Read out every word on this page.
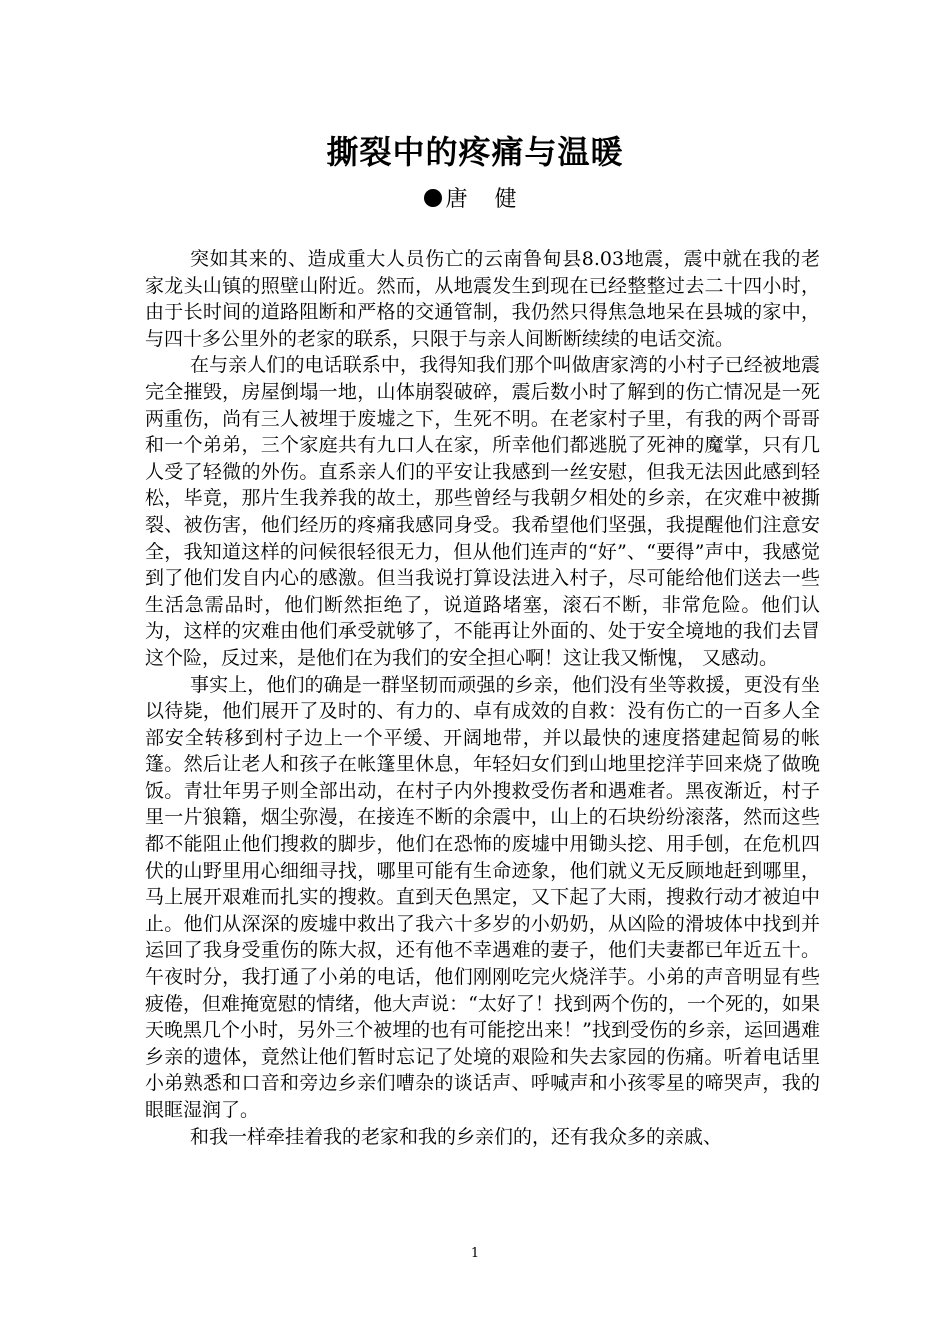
撕裂中的疼痛与温暖
唐 健

突如其来的、造成重大人员伤亡的云南鲁甸县8.03地震，震中就在我的老家龙头山镇的照壁山附近。然而，从地震发生到现在已经整整过去二十四小时，由于长时间的道路阻断和严格的交通管制，我仍然只得焦急地呆在县城的家中，与四十多公里外的老家的联系，只限于与亲人间断断续续的电话交流。

在与亲人们的电话联系中，我得知我们那个叫做唐家湾的小村子已经被地震完全摧毁，房屋倒塌一地，山体崩裂破碎，震后数小时了解到的伤亡情况是一死两重伤，尚有三人被埋于废墟之下，生死不明。在老家村子里，有我的两个哥哥和一个弟弟，三个家庭共有九口人在家，所幸他们都逃脱了死神的魔掌，只有几人受了轻微的外伤。直系亲人们的平安让我感到一丝安慰，但我无法因此感到轻松，毕竟，那片生我养我的故土，那些曾经与我朝夕相处的乡亲，在灾难中被撕裂、被伤害，他们经历的疼痛我感同身受。我希望他们坚强，我提醒他们注意安全，我知道这样的问候很轻很无力，但从他们连声的“好”、“要得”声中，我感觉到了他们发自内心的感激。但当我说打算设法进入村子，尽可能给他们送去一些生活急需品时，他们断然拒绝了，说道路堵塞，滚石不断，非常危险。他们认为，这样的灾难由他们承受就够了，不能再让外面的、处于安全境地的我们去冒这个险，反过来，是他们在为我们的安全担心啊！这让我又惭愧， 又感动。

事实上，他们的确是一群坚韧而顽强的乡亲，他们没有坐等救援，更没有坐以待毙，他们展开了及时的、有力的、卓有成效的自救：没有伤亡的一百多人全部安全转移到村子边上一个平缓、开阔地带，并以最快的速度搭建起简易的帐篷。然后让老人和孩子在帐篷里休息，年轻妇女们到山地里挖洋芋回来烧了做晚饭。青壮年男子则全部出动，在村子内外搜救受伤者和遇难者。黑夜渐近，村子里一片狼籍，烟尘弥漫，在接连不断的余震中，山上的石块纷纷滚落，然而这些都不能阻止他们搜救的脚步，他们在恐怖的废墟中用锄头挖、用手刨，在危机四伏的山野里用心细细寻找，哪里可能有生命迹象，他们就义无反顾地赶到哪里，马上展开艰难而扎实的搜救。直到天色黑定，又下起了大雨，搜救行动才被迫中止。他们从深深的废墟中救出了我六十多岁的小奶奶，从凶险的滑坡体中找到并运回了我身受重伤的陈大叔，还有他不幸遇难的妻子，他们夫妻都已年近五十。午夜时分，我打通了小弟的电话，他们刚刚吃完火烧洋芋。小弟的声音明显有些疲倦，但难掩宽慰的情绪，他大声说：“太好了！找到两个伤的，一个死的，如果天晚黑几个小时，另外三个被埋的也有可能挖出来！”找到受伤的乡亲，运回遇难乡亲的遗体，竟然让他们暂时忘记了处境的艰险和失去家园的伤痛。听着电话里小弟熟悉和口音和旁边乡亲们嘈杂的谈话声、呼喊声和小孩零星的啼哭声，我的眼眶湿润了。

和我一样牵挂着我的老家和我的乡亲们的，还有我众多的亲戚、

1
